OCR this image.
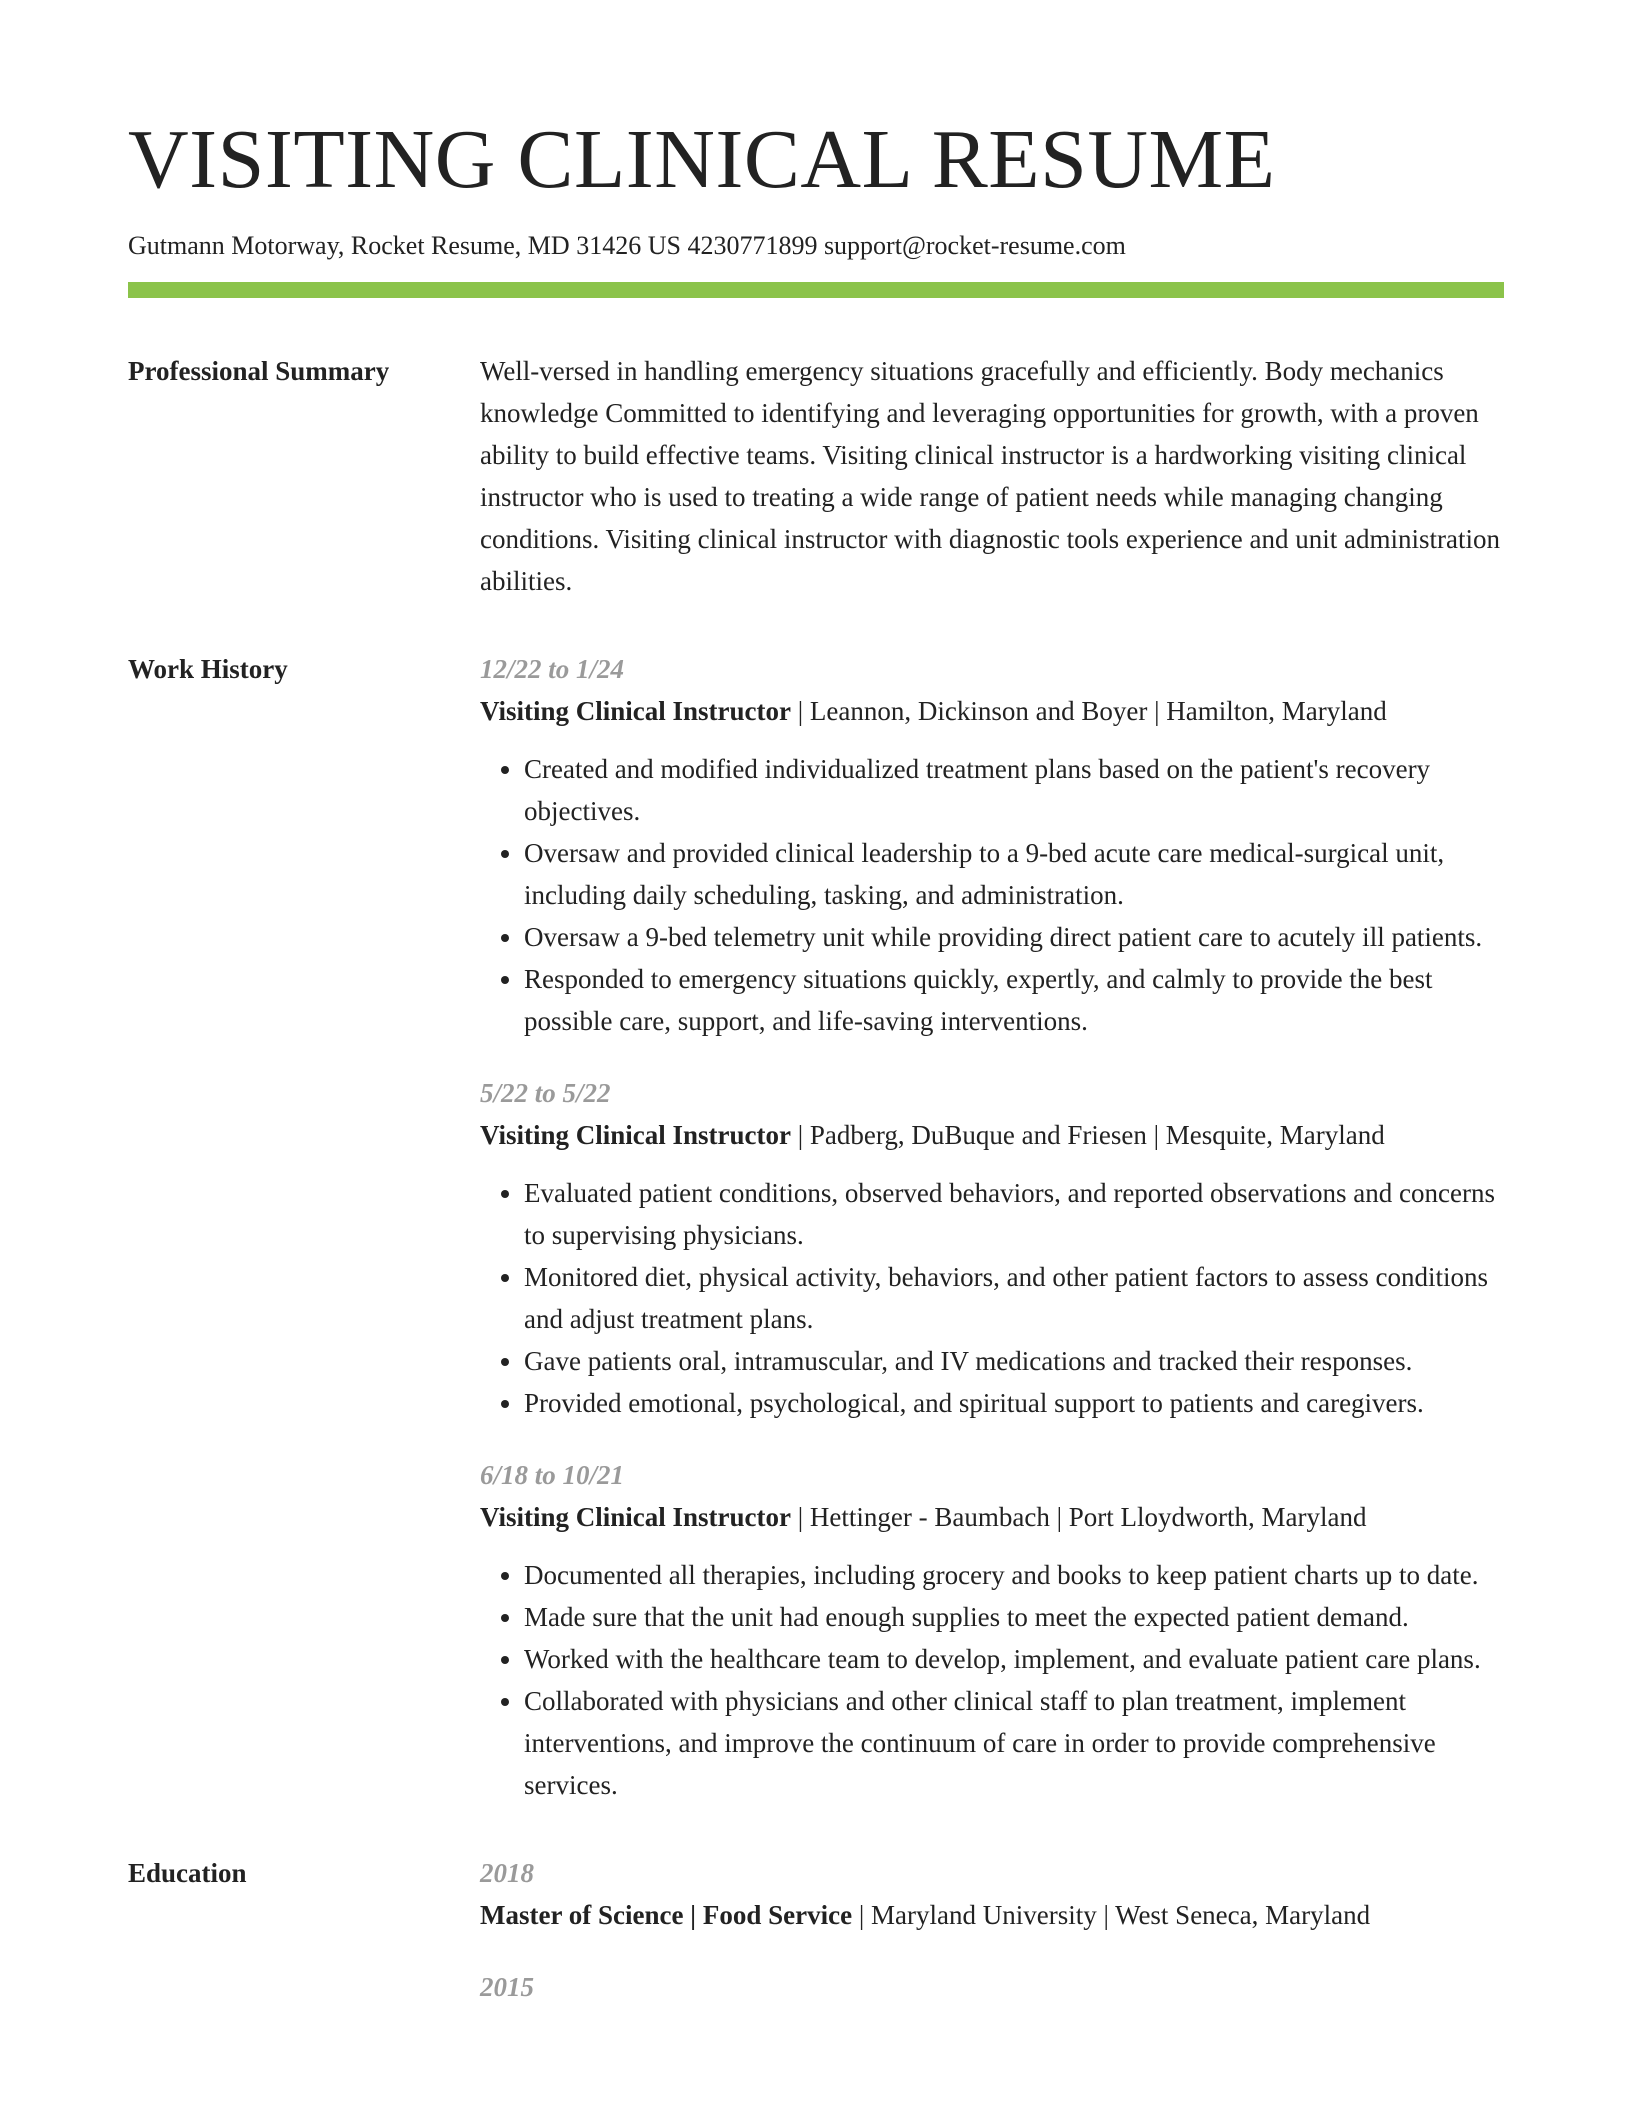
VISITING CLINICAL RESUME
Gutmann Motorway, Rocket Resume, MD 31426 US 4230771899 support@rocket-resume.com
Professional Summary	Well-versed in handling emergency situations gracefully and efficiently. Body mechanics knowledge Committed to identifying and leveraging opportunities for growth, with a proven ability to build effective teams. Visiting clinical instructor is a hardworking visiting clinical instructor who is used to treating a wide range of patient needs while managing changing conditions. Visiting clinical instructor with diagnostic tools experience and unit administration abilities.

Work History	12/22 to 1/24
Visiting Clinical Instructor | Leannon, Dickinson and Boyer | Hamilton, Maryland
• Created and modified individualized treatment plans based on the patient's recovery objectives.
• Oversaw and provided clinical leadership to a 9-bed acute care medical-surgical unit, including daily scheduling, tasking, and administration.
• Oversaw a 9-bed telemetry unit while providing direct patient care to acutely ill patients.
• Responded to emergency situations quickly, expertly, and calmly to provide the best possible care, support, and life-saving interventions.
5/22 to 5/22
Visiting Clinical Instructor | Padberg, DuBuque and Friesen | Mesquite, Maryland
• Evaluated patient conditions, observed behaviors, and reported observations and concerns to supervising physicians.
• Monitored diet, physical activity, behaviors, and other patient factors to assess conditions and adjust treatment plans.
• Gave patients oral, intramuscular, and IV medications and tracked their responses.
• Provided emotional, psychological, and spiritual support to patients and caregivers.
6/18 to 10/21
Visiting Clinical Instructor | Hettinger - Baumbach | Port Lloydworth, Maryland
• Documented all therapies, including grocery and books to keep patient charts up to date.
• Made sure that the unit had enough supplies to meet the expected patient demand.
• Worked with the healthcare team to develop, implement, and evaluate patient care plans.
• Collaborated with physicians and other clinical staff to plan treatment, implement interventions, and improve the continuum of care in order to provide comprehensive services.
Education	2018
Master of Science | Food Service | Maryland University | West Seneca, Maryland
2015
